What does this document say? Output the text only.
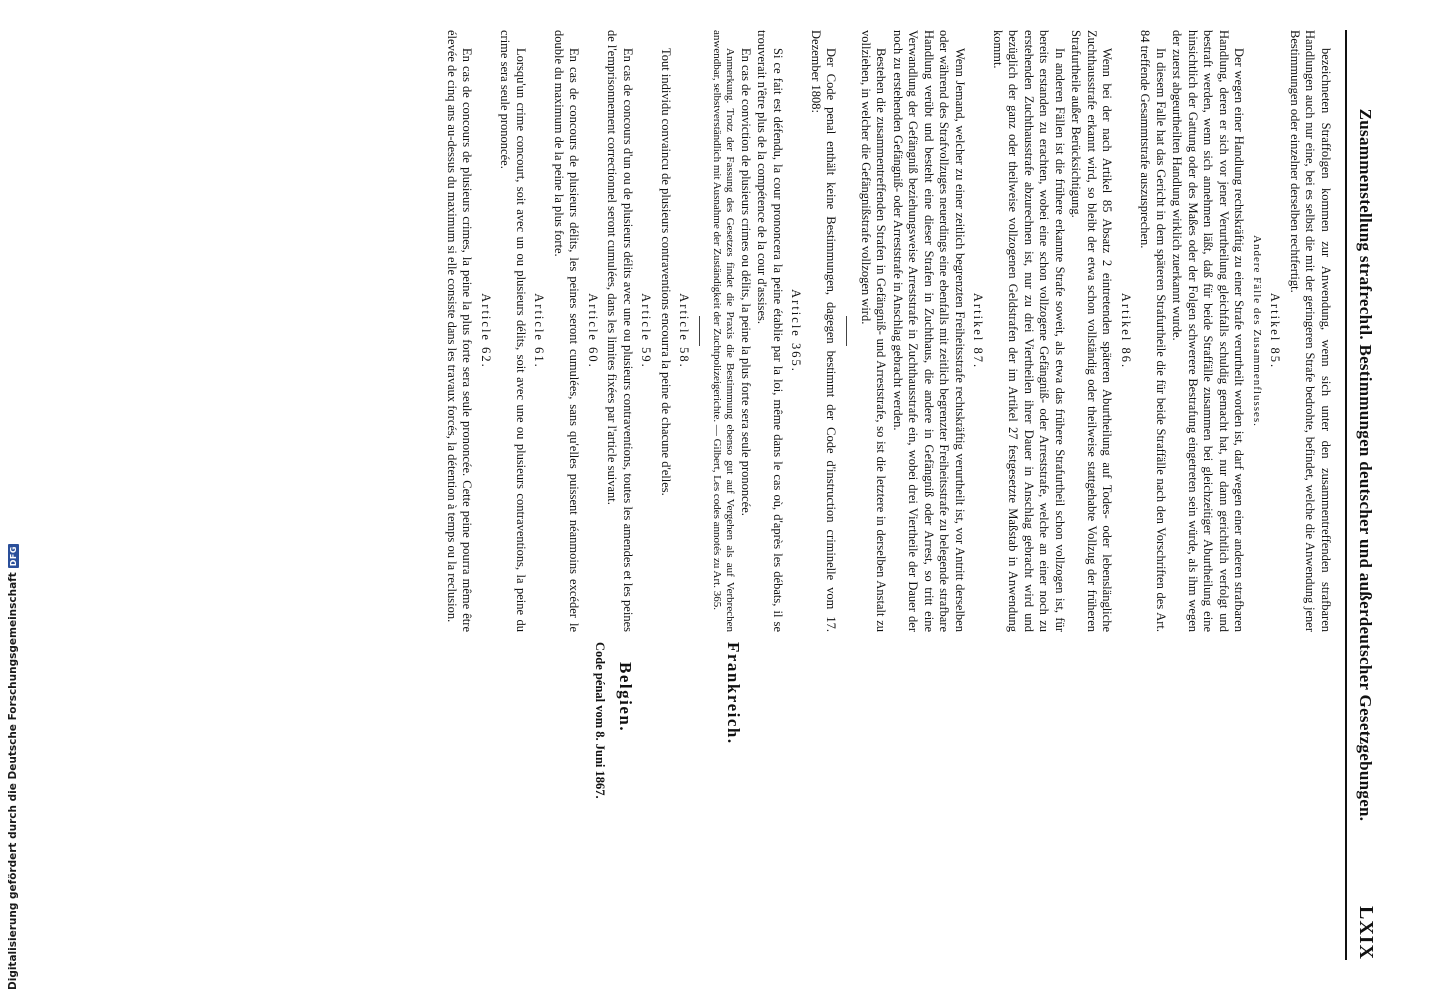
Zusammenstellung strafrechtl. Bestimmungen deutscher und außerdeutscher Gesetzgebungen.
LXIX

bezeichneten Straffolgen kommen zur Anwendung, wenn sich unter den zusammentreffenden strafbaren Handlungen auch nur eine, bei es selbst die mit der geringeren Strafe bedrohte, befindet, welche die Anwendung jener Bestimmungen oder einzelner derselben rechtfertigt.

Artikel 85.

Andere Fälle des Zusammenflusses.

Der wegen einer Handlung rechtskräftig zu einer Strafe verurtheilt worden ist, darf wegen einer anderen strafbaren Handlung, deren er sich vor jener Verurtheilung gleichfalls schuldig gemacht hat, nur dann gerichtlich verfolgt und bestraft werden, wenn sich annehmen läßt, daß für beide Straffälle zusammen bei gleichzeitiger Aburtheilung eine hinsichtlich der Gattung oder des Maßes oder der Folgen schwerere Bestrafung eingetreten sein würde, als ihm wegen der zuerst abgeurtheilten Handlung wirklich zuerkannt wurde.

In diesem Falle hat das Gericht in dem späteren Strafurtheile die für beide Straffälle nach den Vorschriften des Art. 84 treffende Gesammtstrafe auszusprechen.

Artikel 86.

Wenn bei der nach Artikel 85 Absatz 2 eintretenden späteren Aburtheilung auf Todes- oder lebenslängliche Zuchthausstrafe erkannt wird, so bleibt der etwa schon vollständig oder theilweise stattgehabte Vollzug der früheren Strafurtheile außer Berücksichtigung.

In anderen Fällen ist die frühere erkannte Strafe soweit, als etwa das frühere Strafurtheil schon vollzogen ist, für bereits erstanden zu erachten, wobei eine schon vollzogene Gefängniß- oder Arreststrafe, welche an einer noch zu erstehenden Zuchthausstrafe abzurechnen ist, nur zu drei Viertheilen ihrer Dauer in Anschlag gebracht wird und bezüglich der ganz oder theilweise vollzogenen Geldstrafen der im Artikel 27 festgesetzte Maßstab in Anwendung kommt.

Artikel 87.

Wenn Jemand, welcher zu einer zeitlich begrenzten Freiheitsstrafe rechtskräftig verurtheilt ist, vor Antritt derselben oder während des Strafvollzuges neuerdings eine ebenfalls mit zeitlich begrenzter Freiheitsstrafe zu belegende strafbare Handlung verübt und besteht eine dieser Strafen in Zuchthaus, die andere in Gefängniß oder Arrest, so tritt eine Verwandlung der Gefängniß beziehungsweise Arreststrafe in Zuchthausstrafe ein, wobei drei Viertheile der Dauer der noch zu erstehenden Gefängniß- oder Arreststrafe in Anschlag gebracht werden.

Bestehen die zusammentreffenden Strafen in Gefängniß- und Arreststrafe, so ist die letztere in derselben Anstalt zu vollziehen, in welcher die Gefängnißstrafe vollzogen wird.

Der Code penal enthält keine Bestimmungen, dagegen bestimmt der Code d'instruction criminelle vom 17. Dezember 1808:

Article 365.

Si ce fait est défendu, la cour prononcera la peine établie par la loi, même dans le cas où, d'après les débats, il se trouverait n'être plus de la compétence de la cour d'assises.

En cas de conviction de plusieurs crimes ou délits, la peine la plus forte sera seule prononcée.

Anmerkung. Trotz der Fassung des Gesetzes findet die Praxis die Bestimmung ebenso gut auf Vergehen als auf Verbrechen anwendbar, selbstverständlich mit Ausnahme der Zuständigkeit der Zuchtpolizeigerichte. — Gilbert, Les codes annotés zu Art. 365.

Article 58.

Tout individu convaincu de plusieurs contraventions encourra la peine de chacune d'elles.

Article 59.

En cas de concours d'un ou de plusieurs délits avec une ou plusieurs contraventions, toutes les amendes et les peines de l'emprisonnement correctionnel seront cumulées, dans les limites fixées par l'article suivant.

Article 60.

En cas de concours de plusieurs délits, les peines seront cumulées, sans qu'elles puissent néanmoins excéder le double du maximum de la peine la plus forte.

Article 61.

Lorsqu'un crime concourt, soit avec un ou plusieurs délits, soit avec une ou plusieurs contraventions, la peine du crime sera seule prononcée.

Article 62.

En cas de concours de plusieurs crimes, la peine la plus forte sera seule prononcée. Cette peine pourra même être élevée de cinq ans au-dessus du maximum si elle consiste dans les travaux forcés, la détention à temps ou la reclusion.

Frankreich.

Belgien.

Code pénal vom 8. Juni 1867.

Digitalisierung gefördert durch die Deutsche Forschungsgemeinschaft
DFG
